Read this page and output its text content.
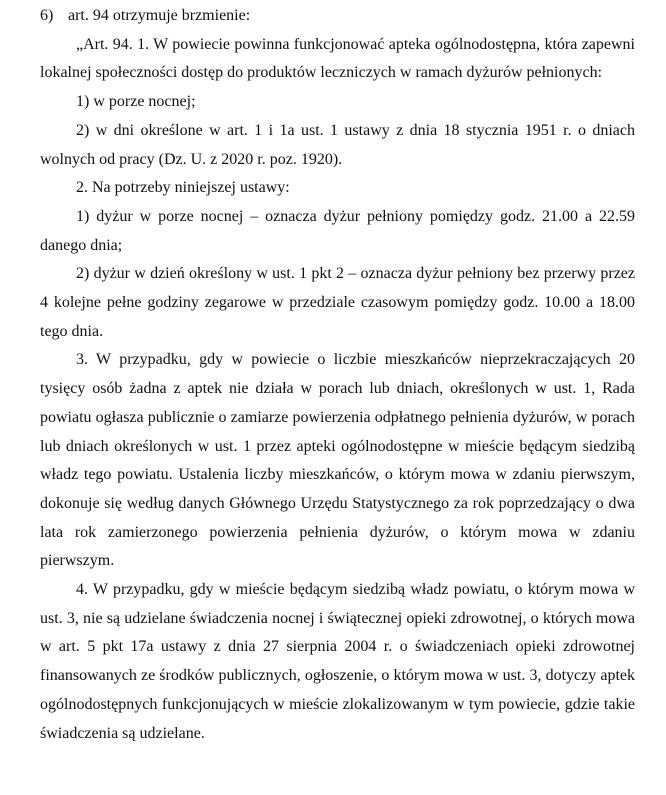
6) art. 94 otrzymuje brzmienie:

„Art. 94. 1. W powiecie powinna funkcjonować apteka ogólnodostępna, która zapewni lokalnej społeczności dostęp do produktów leczniczych w ramach dyżurów pełnionych:

1) w porze nocnej;

2) w dni określone w art. 1 i 1a ust. 1 ustawy z dnia 18 stycznia 1951 r. o dniach wolnych od pracy (Dz. U. z 2020 r. poz. 1920).

2. Na potrzeby niniejszej ustawy:

1) dyżur w porze nocnej – oznacza dyżur pełniony pomiędzy godz. 21.00 a 22.59 danego dnia;

2) dyżur w dzień określony w ust. 1 pkt 2 – oznacza dyżur pełniony bez przerwy przez 4 kolejne pełne godziny zegarowe w przedziale czasowym pomiędzy godz. 10.00 a 18.00 tego dnia.

3. W przypadku, gdy w powiecie o liczbie mieszkańców nieprzekraczających 20 tysięcy osób żadna z aptek nie działa w porach lub dniach, określonych w ust. 1, Rada powiatu ogłasza publicznie o zamiarze powierzenia odpłatnego pełnienia dyżurów, w porach lub dniach określonych w ust. 1 przez apteki ogólnodostępne w mieście będącym siedzibą władz tego powiatu. Ustalenia liczby mieszkańców, o którym mowa w zdaniu pierwszym, dokonuje się według danych Głównego Urzędu Statystycznego za rok poprzedzający o dwa lata rok zamierzonego powierzenia pełnienia dyżurów, o którym mowa w zdaniu pierwszym.

4. W przypadku, gdy w mieście będącym siedzibą władz powiatu, o którym mowa w ust. 3, nie są udzielane świadczenia nocnej i świątecznej opieki zdrowotnej, o których mowa w art. 5 pkt 17a ustawy z dnia 27 sierpnia 2004 r. o świadczeniach opieki zdrowotnej finansowanych ze środków publicznych, ogłoszenie, o którym mowa w ust. 3, dotyczy aptek ogólnodostępnych funkcjonujących w mieście zlokalizowanym w tym powiecie, gdzie takie świadczenia są udzielane.
